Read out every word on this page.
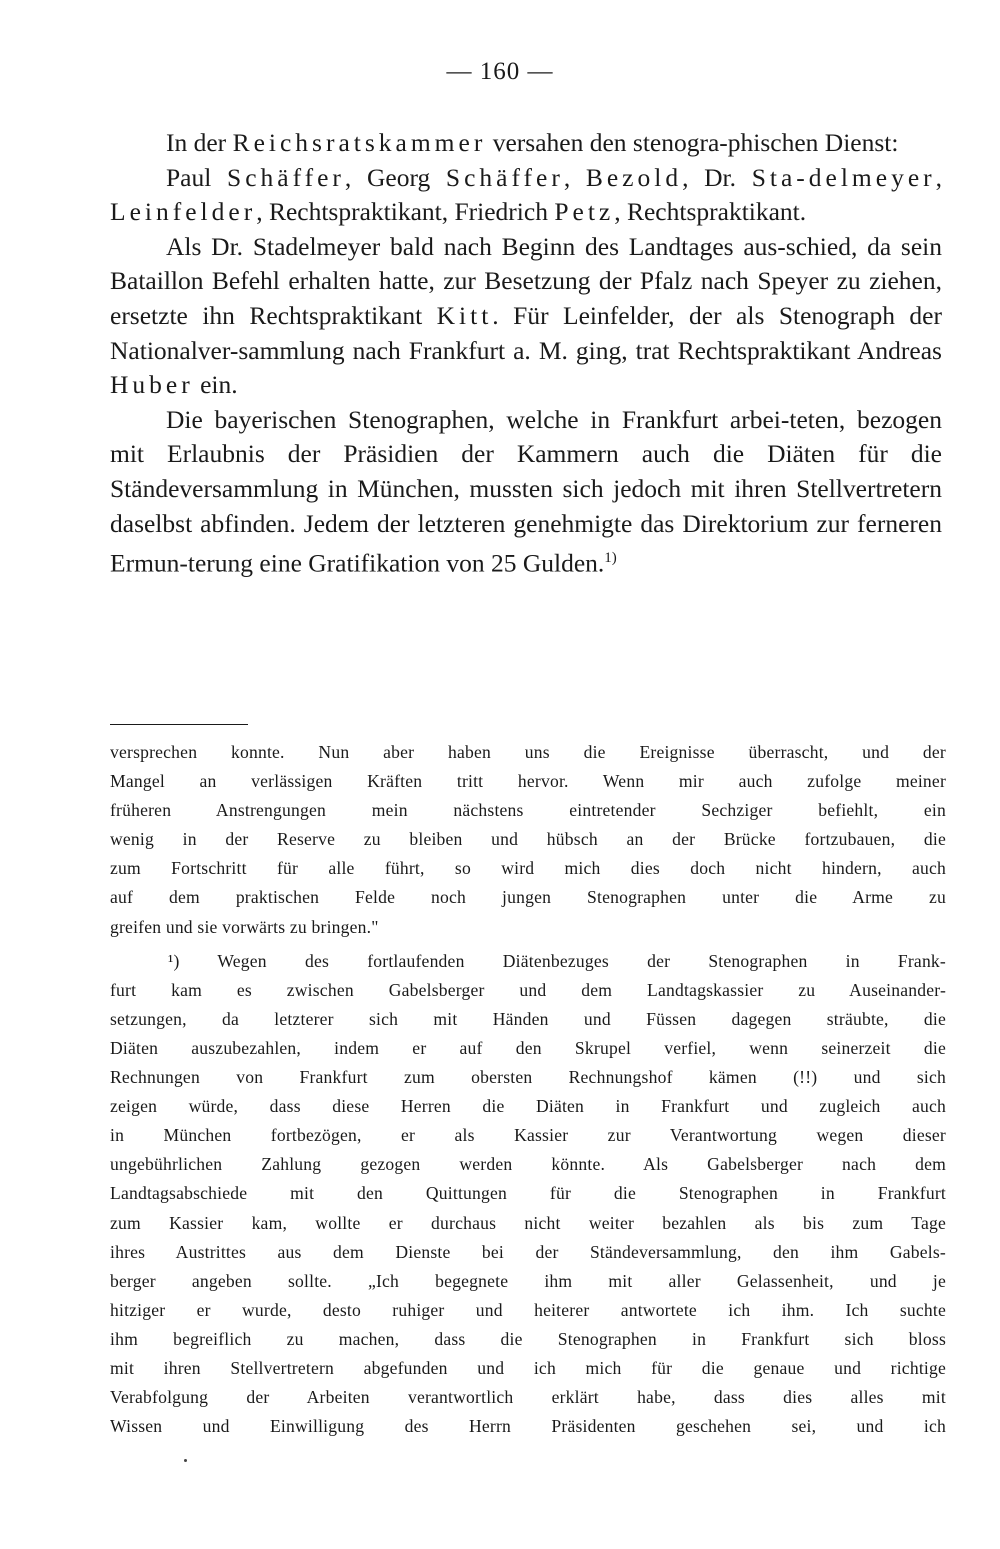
— 160 —

In der Reichsratskammer versahen den stenogra-phischen Dienst:

Paul Schäffer, Georg Schäffer, Bezold, Dr. Sta-delmeyer, Leinfelder, Rechtspraktikant, Friedrich Petz, Rechtspraktikant.

Als Dr. Stadelmeyer bald nach Beginn des Landtages aus-schied, da sein Bataillon Befehl erhalten hatte, zur Besetzung der Pfalz nach Speyer zu ziehen, ersetzte ihn Rechtspraktikant Kitt. Für Leinfelder, der als Stenograph der Nationalver-sammlung nach Frankfurt a. M. ging, trat Rechtspraktikant Andreas Huber ein.

Die bayerischen Stenographen, welche in Frankfurt arbei-teten, bezogen mit Erlaubnis der Präsidien der Kammern auch die Diäten für die Ständeversammlung in München, mussten sich jedoch mit ihren Stellvertretern daselbst abfinden. Jedem der letzteren genehmigte das Direktorium zur ferneren Ermun-terung eine Gratifikation von 25 Gulden.$^{1)}$

versprechen konnte. Nun aber haben uns die Ereignisse überrascht, und der
Mangel an verlässigen Kräften tritt hervor. Wenn mir auch zufolge meiner
früheren Anstrengungen mein nächstens eintretender Sechziger befiehlt, ein
wenig in der Reserve zu bleiben und hübsch an der Brücke fortzubauen, die
zum Fortschritt für alle führt, so wird mich dies doch nicht hindern, auch
auf dem praktischen Felde noch jungen Stenographen unter die Arme zu
greifen und sie vorwärts zu bringen."

¹) Wegen des fortlaufenden Diätenbezuges der Stenographen in Frank-
furt kam es zwischen Gabelsberger und dem Landtagskassier zu Auseinander-
setzungen, da letzterer sich mit Händen und Füssen dagegen sträubte, die
Diäten auszubezahlen, indem er auf den Skrupel verfiel, wenn seinerzeit die
Rechnungen von Frankfurt zum obersten Rechnungshof kämen (!!) und sich
zeigen würde, dass diese Herren die Diäten in Frankfurt und zugleich auch
in München fortbezögen, er als Kassier zur Verantwortung wegen dieser
ungebührlichen Zahlung gezogen werden könnte. Als Gabelsberger nach dem
Landtagsabschiede mit den Quittungen für die Stenographen in Frankfurt
zum Kassier kam, wollte er durchaus nicht weiter bezahlen als bis zum Tage
ihres Austrittes aus dem Dienste bei der Ständeversammlung, den ihm Gabels-
berger angeben sollte. „Ich begegnete ihm mit aller Gelassenheit, und je
hitziger er wurde, desto ruhiger und heiterer antwortete ich ihm. Ich suchte
ihm begreiflich zu machen, dass die Stenographen in Frankfurt sich bloss
mit ihren Stellvertretern abgefunden und ich mich für die genaue und richtige
Verabfolgung der Arbeiten verantwortlich erklärt habe, dass dies alles mit
Wissen und Einwilligung des Herrn Präsidenten geschehen sei, und ich
